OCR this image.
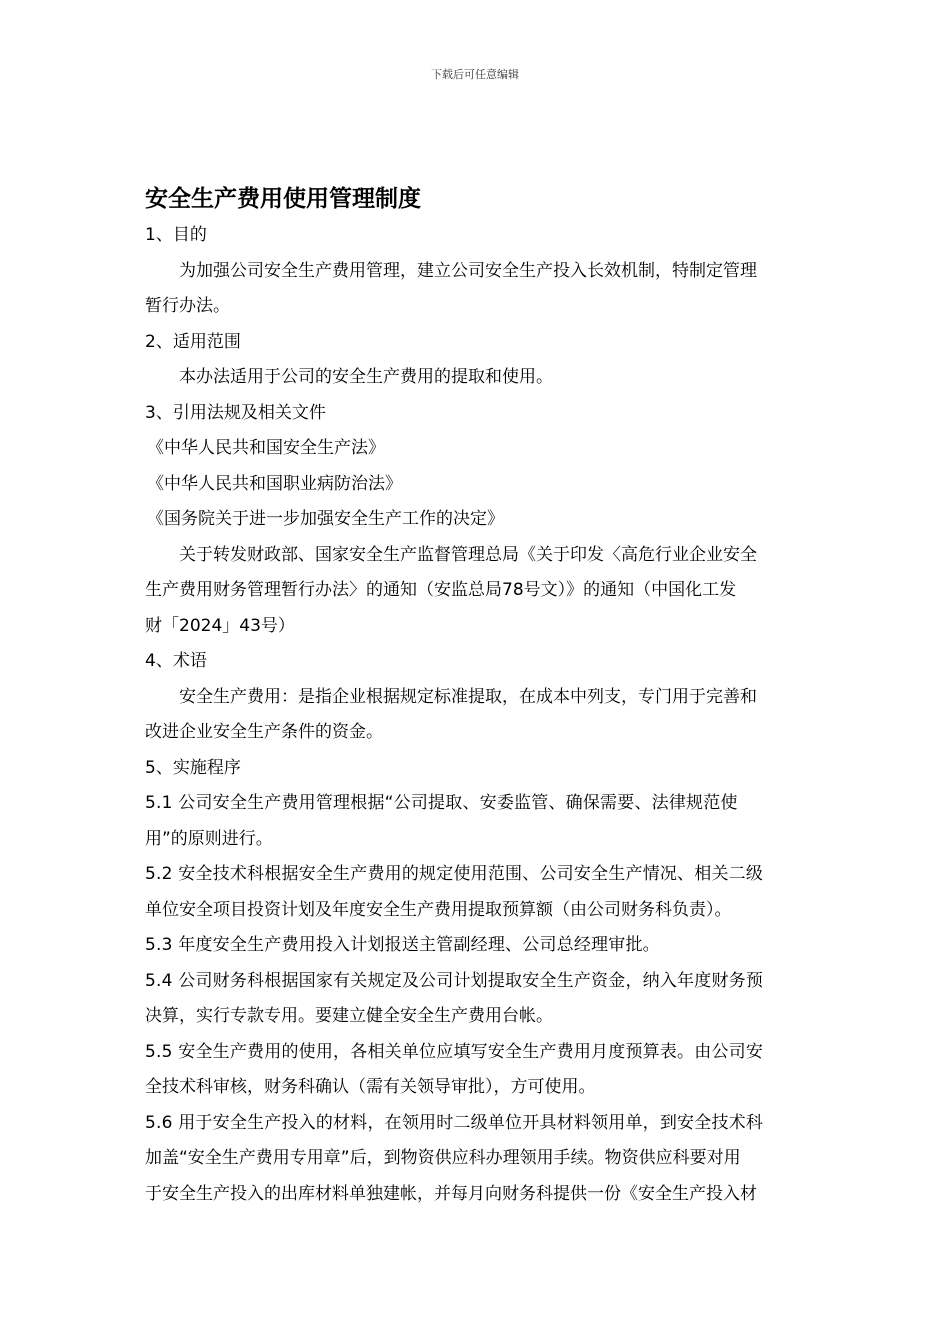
下载后可任意编辑
安全生产费用使用管理制度

1、目的

为加强公司安全生产费用管理，建立公司安全生产投入长效机制，特制定管理

暂行办法。

2、适用范围

本办法适用于公司的安全生产费用的提取和使用。

3、引用法规及相关文件

《中华人民共和国安全生产法》

《中华人民共和国职业病防治法》

《国务院关于进一步加强安全生产工作的决定》

关于转发财政部、国家安全生产监督管理总局《关于印发〈高危行业企业安全

生产费用财务管理暂行办法〉的通知（安监总局78号文）》的通知（中国化工发

财「2024」43号）

4、术语

安全生产费用：是指企业根据规定标准提取，在成本中列支，专门用于完善和

改进企业安全生产条件的资金。

5、实施程序

5.1 公司安全生产费用管理根据“公司提取、安委监管、确保需要、法律规范使

用”的原则进行。

5.2 安全技术科根据安全生产费用的规定使用范围、公司安全生产情况、相关二级

单位安全项目投资计划及年度安全生产费用提取预算额（由公司财务科负责）。

5.3 年度安全生产费用投入计划报送主管副经理、公司总经理审批。

5.4 公司财务科根据国家有关规定及公司计划提取安全生产资金，纳入年度财务预

决算，实行专款专用。要建立健全安全生产费用台帐。

5.5 安全生产费用的使用，各相关单位应填写安全生产费用月度预算表。由公司安

全技术科审核，财务科确认（需有关领导审批），方可使用。

5.6 用于安全生产投入的材料，在领用时二级单位开具材料领用单，到安全技术科

加盖“安全生产费用专用章”后，到物资供应科办理领用手续。物资供应科要对用

于安全生产投入的出库材料单独建帐，并每月向财务科提供一份《安全生产投入材
